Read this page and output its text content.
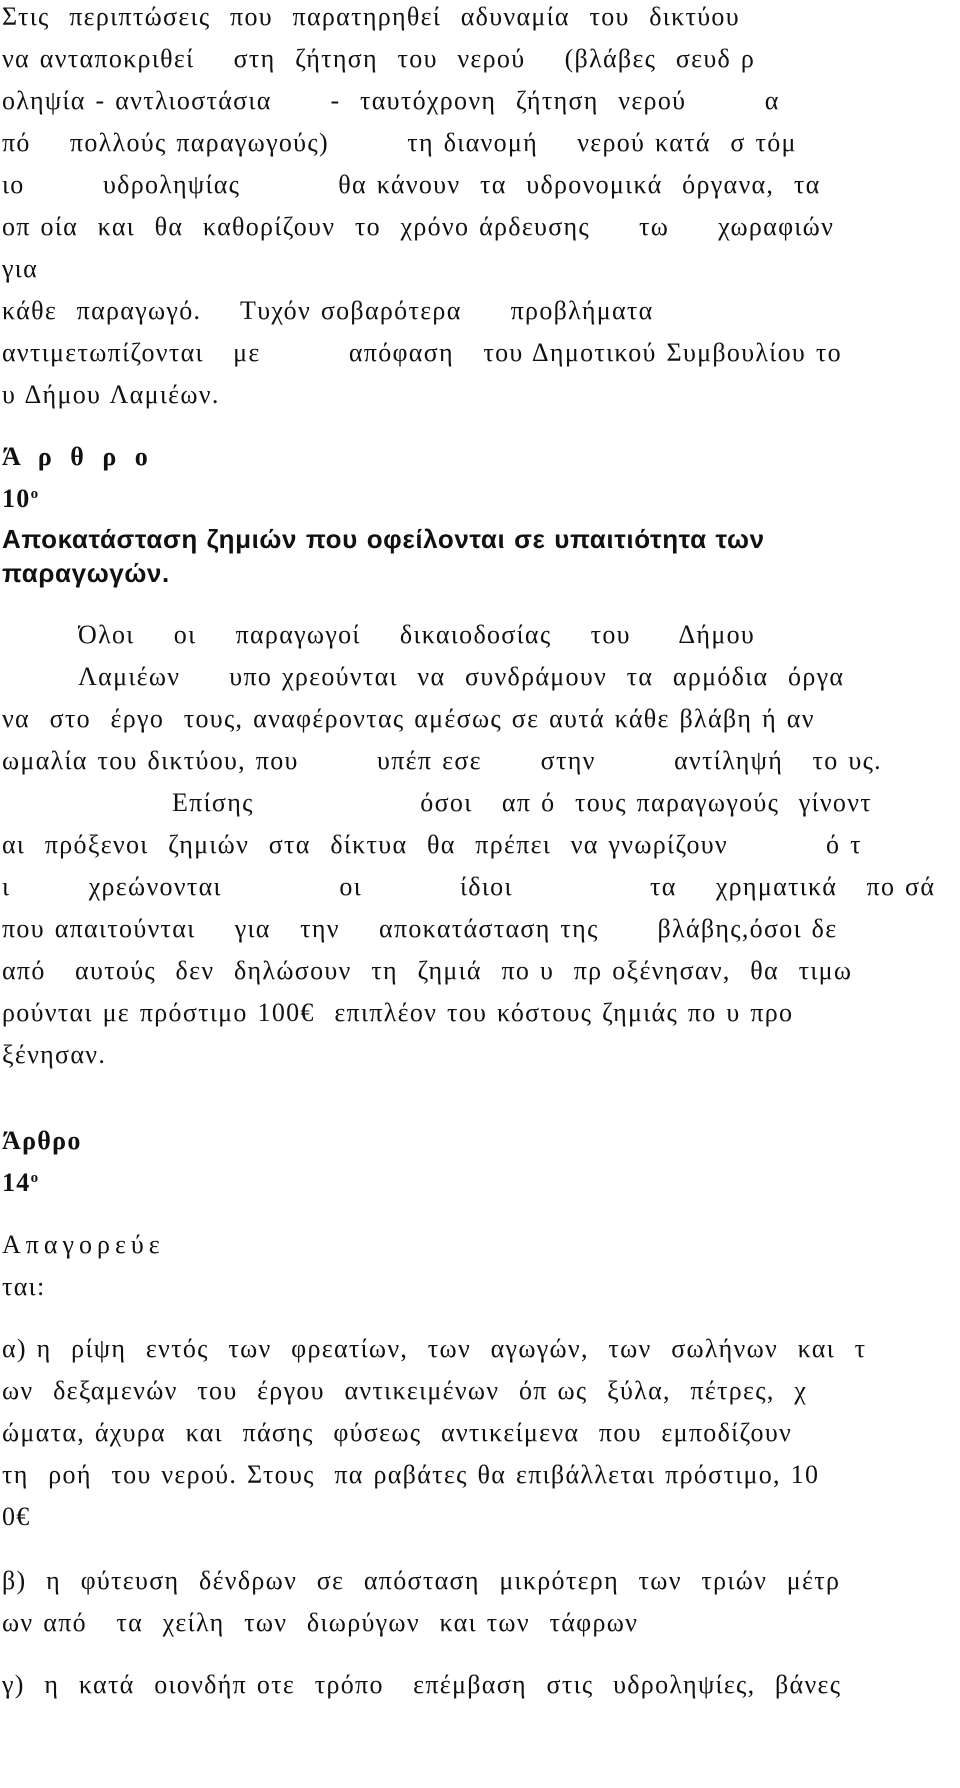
Στις  περιπτώσεις  που  παρατηρηθεί  αδυναμία  του  δικτύου
να ανταποκριθεί    στη  ζήτηση  του  νερού    (βλάβες  σευδ ρ
οληψία - αντλιοστάσια      -  ταυτόχρονη  ζήτηση  νερού        α
πό    πολλούς παραγωγούς)        τη διανομή    νερού κατά  σ τόμ
ιο        υδροληψίας          θα κάνουν  τα  υδρονομικά  όργανα,  τα
οπ οία  και  θα  καθορίζουν  το  χρόνο άρδευσης     τω     χωραφιών
για
κάθε  παραγωγό.    Τυχόν σοβαρότερα     προβλήματα
αντιμετωπίζονται   με         απόφαση   του Δημοτικού Συμβουλίου το
υ Δήμου Λαμιέων.
Ά ρ θ ρ ο
$10^o$
Αποκατάσταση ζημιών που οφείλονται σε υπαιτιότητα των
παραγωγών.
Όλοι    οι    παραγωγοί    δικαιοδοσίας    του     Δήμου
Λαμιέων     υπο χρεούνται  να  συνδράμουν  τα  αρμόδια  όργα
να  στο  έργο  τους, αναφέροντας αμέσως σε αυτά κάθε βλάβη ή αν
ωμαλία του δικτύου, που        υπέπ εσε      στην        αντίληψή   το υς.
Επίσης                 όσοι   απ ό  τους παραγωγούς  γίνοντ
αι  πρόξενοι  ζημιών  στα  δίκτυα  θα  πρέπει  να γνωρίζουν          ό τ
ι        χρεώνονται            οι          ίδιοι              τα    χρηματικά   πο σά
που απαιτούνται    για   την    αποκατάσταση της      βλάβης,όσοι δε
από   αυτούς  δεν  δηλώσουν  τη  ζημιά  πο υ  πρ οξένησαν,  θα  τιμω
ρούνται με πρόστιμο 100€  επιπλέον του κόστους ζημιάς πο υ προ
ξένησαν.
Άρθρο
$14^o$
Απαγορεύε
ται:
α) η  ρίψη  εντός  των  φρεατίων,  των  αγωγών,  των  σωλήνων  και  τ
ων  δεξαμενών  του  έργου  αντικειμένων  όπ ως  ξύλα,  πέτρες,  χ
ώματα, άχυρα  και  πάσης  φύσεως  αντικείμενα  που  εμποδίζουν
τη  ροή  του νερού. Στους  πα ραβάτες θα επιβάλλεται πρόστιμο, 10
0€
β)  η  φύτευση  δένδρων  σε  απόσταση  μικρότερη  των  τριών  μέτρ
ων από   τα  χείλη  των  διωρύγων  και των  τάφρων
γ)  η  κατά  οιονδήπ οτε  τρόπο   επέμβαση  στις  υδροληψίες,  βάνες
